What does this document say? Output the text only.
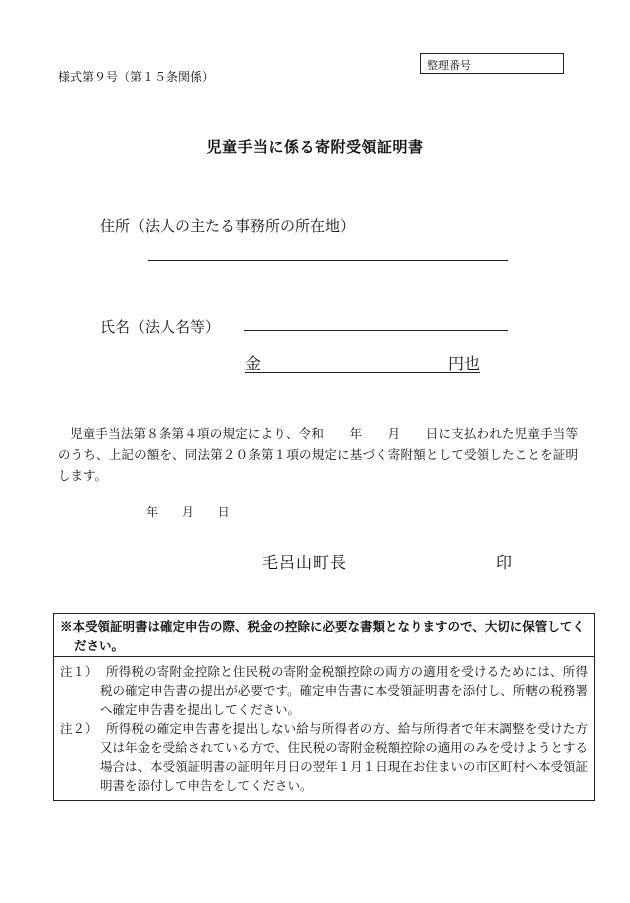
様式第９号（第１５条関係）
整理番号
児童手当に係る寄附受領証明書
住所（法人の主たる事務所の所在地）
氏名（法人名等）
金	円也
児童手当法第８条第４項の規定により、令和　　年　　月　　日に支払われた児童手当等のうち、上記の額を、同法第２０条第１項の規定に基づく寄附額として受領したことを証明します。
年 月 日
毛呂山町長	印
※本受領証明書は確定申告の際、税金の控除に必要な書類となりますので、大切に保管してください。
注１） 所得税の寄附金控除と住民税の寄附金税額控除の両方の適用を受けるためには、所得税の確定申告書の提出が必要です。確定申告書に本受領証明書を添付し、所轄の税務署へ確定申告書を提出してください。
注２） 所得税の確定申告書を提出しない給与所得者の方、給与所得者で年末調整を受けた方又は年金を受給されている方で、住民税の寄附金税額控除の適用のみを受けようとする場合は、本受領証明書の証明年月日の翌年１月１日現在お住まいの市区町村へ本受領証明書を添付して申告をしてください。
